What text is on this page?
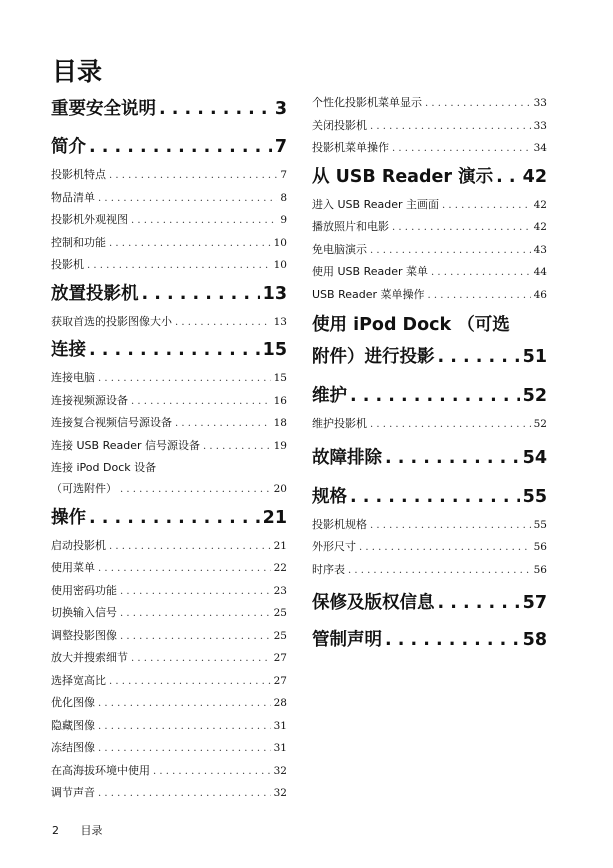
目录
重要安全说明 . . .	3
简介 . . .	7
投影机特点 . . .	7
物品清单 . . .	8
投影机外观视图 . . .	9
控制和功能 . . .	10
投影机 . . .	10
放置投影机 . . .	13
获取首选的投影图像大小 . . .	13
连接 . . .	15
连接电脑 . . .	15
连接视频源设备 . . .	16
连接复合视频信号源设备 . . .	18
连接 USB Reader 信号源设备 . . .	19
连接 iPod Dock 设备
（可选附件） . . .	20
操作 . . .	21
启动投影机 . . .	21
使用菜单 . . .	22
使用密码功能 . . .	23
切换输入信号 . . .	25
调整投影图像 . . .	25
放大并搜索细节 . . .	27
选择宽高比 . . .	27
优化图像 . . .	28
隐藏图像 . . .	31
冻结图像 . . .	31
在高海拔环境中使用 . . .	32
调节声音 . . .	32
个性化投影机菜单显示 . . .	33
关闭投影机 . . .	33
投影机菜单操作 . . .	34
从 USB Reader 演示 . . . 42
进入 USB Reader 主画面 . . .	42
播放照片和电影 . . .	42
免电脑演示 . . .	43
使用 USB Reader 菜单 . . .	44
USB Reader 菜单操作 . . .	46
使用 iPod Dock （可选
附件）进行投影 . . .	51
维护 . . .	52
维护投影机 . . .	52
故障排除 . . .	54
规格 . . .	55
投影机规格 . . .	55
外形尺寸 . . .	56
时序表 . . .	56
保修及版权信息 . . .	57
管制声明 . . .	58
2 目录
